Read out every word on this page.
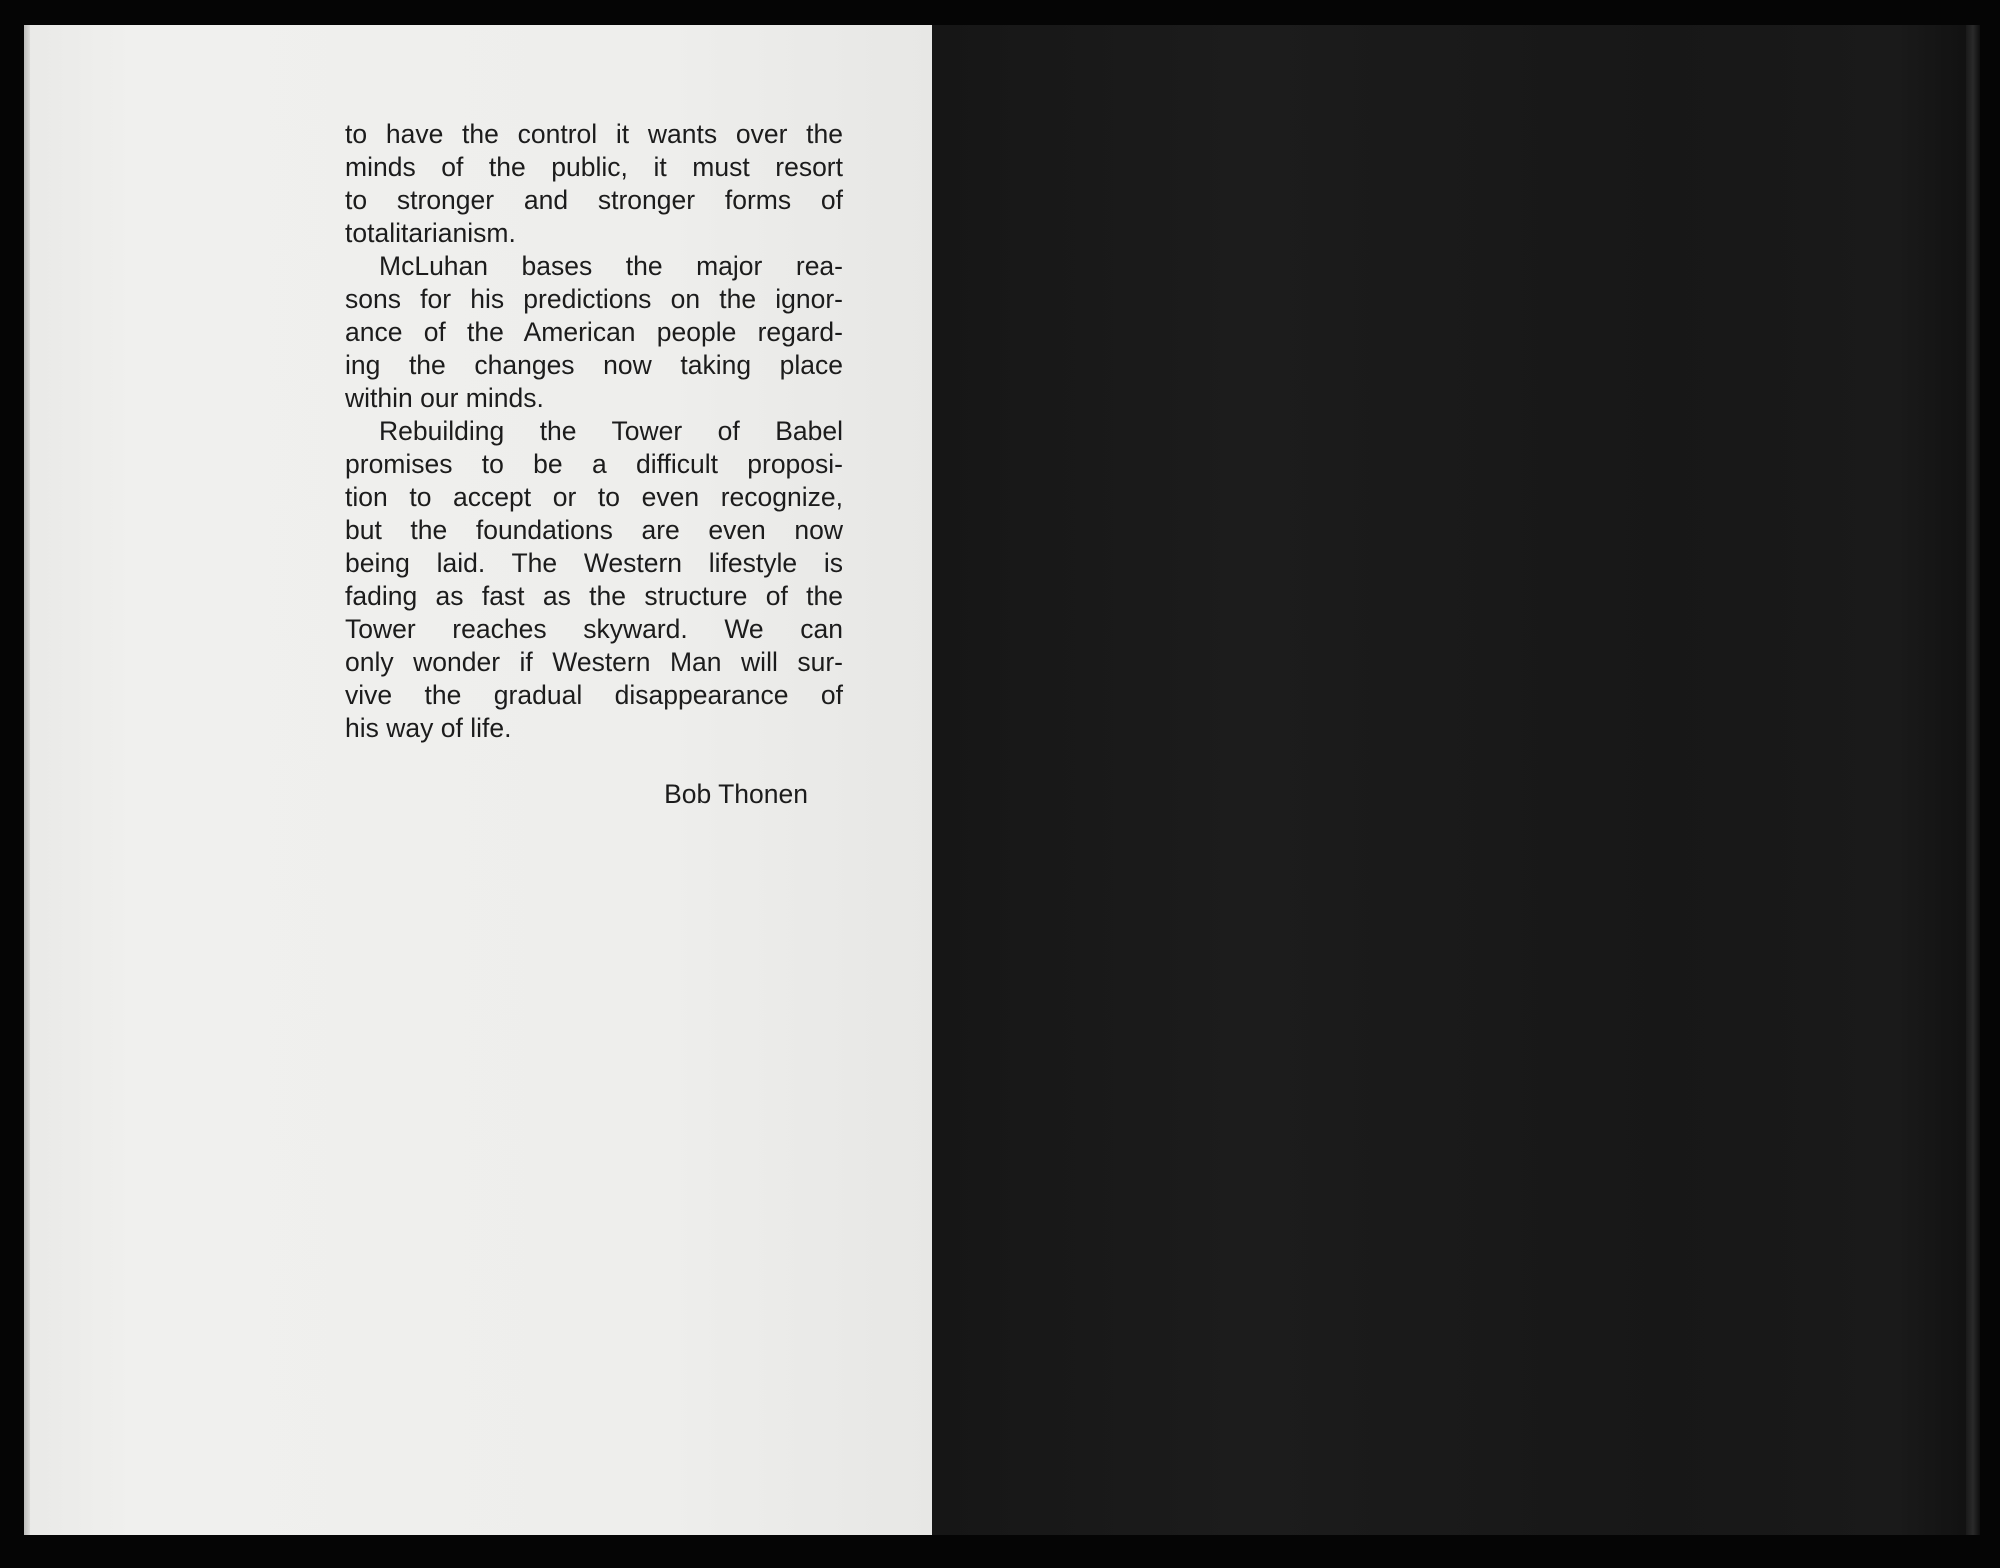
to have the control it wants over the
minds of the public, it must resort
to stronger and stronger forms of
totalitarianism.
McLuhan bases the major rea-
sons for his predictions on the ignor-
ance of the American people regard-
ing the changes now taking place
within our minds.
Rebuilding the Tower of Babel
promises to be a difficult proposi-
tion to accept or to even recognize,
but the foundations are even now
being laid. The Western lifestyle is
fading as fast as the structure of the
Tower reaches skyward. We can
only wonder if Western Man will sur-
vive the gradual disappearance of
his way of life.
Bob Thonen
